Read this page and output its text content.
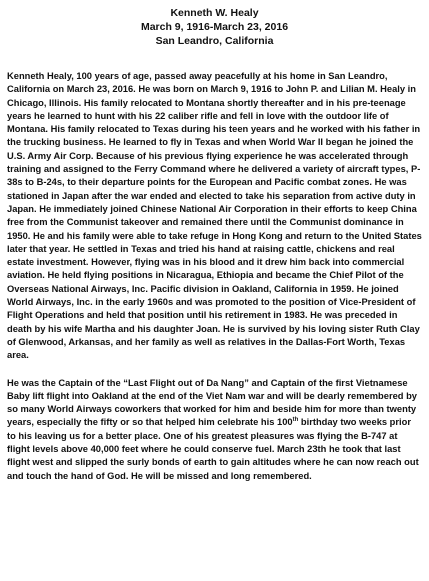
Kenneth W. Healy
March 9, 1916-March 23, 2016
San Leandro, California

Kenneth Healy, 100 years of age, passed away peacefully at his home in San Leandro, California on March 23, 2016. He was born on March 9, 1916 to John P. and Lilian M. Healy in Chicago, Illinois. His family relocated to Montana shortly thereafter and in his pre-teenage years he learned to hunt with his 22 caliber rifle and fell in love with the outdoor life of Montana. His family relocated to Texas during his teen years and he worked with his father in the trucking business. He learned to fly in Texas and when World War II began he joined the U.S. Army Air Corp. Because of his previous flying experience he was accelerated through training and assigned to the Ferry Command where he delivered a variety of aircraft types, P-38s to B-24s, to their departure points for the European and Pacific combat zones. He was stationed in Japan after the war ended and elected to take his separation from active duty in Japan. He immediately joined Chinese National Air Corporation in their efforts to keep China free from the Communist takeover and remained there until the Communist dominance in 1950. He and his family were able to take refuge in Hong Kong and return to the United States later that year. He settled in Texas and tried his hand at raising cattle, chickens and real estate investment. However, flying was in his blood and it drew him back into commercial aviation. He held flying positions in Nicaragua, Ethiopia and became the Chief Pilot of the Overseas National Airways, Inc. Pacific division in Oakland, California in 1959. He joined World Airways, Inc. in the early 1960s and was promoted to the position of Vice-President of Flight Operations and held that position until his retirement in 1983. He was preceded in death by his wife Martha and his daughter Joan. He is survived by his loving sister Ruth Clay of Glenwood, Arkansas, and her family as well as relatives in the Dallas-Fort Worth, Texas area.

He was the Captain of the “Last Flight out of Da Nang” and Captain of the first Vietnamese Baby lift flight into Oakland at the end of the Viet Nam war and will be dearly remembered by so many World Airways coworkers that worked for him and beside him for more than twenty years, especially the fifty or so that helped him celebrate his 100th birthday two weeks prior to his leaving us for a better place. One of his greatest pleasures was flying the B-747 at flight levels above 40,000 feet where he could conserve fuel. March 23th he took that last flight west and slipped the surly bonds of earth to gain altitudes where he can now reach out and touch the hand of God. He will be missed and long remembered.
